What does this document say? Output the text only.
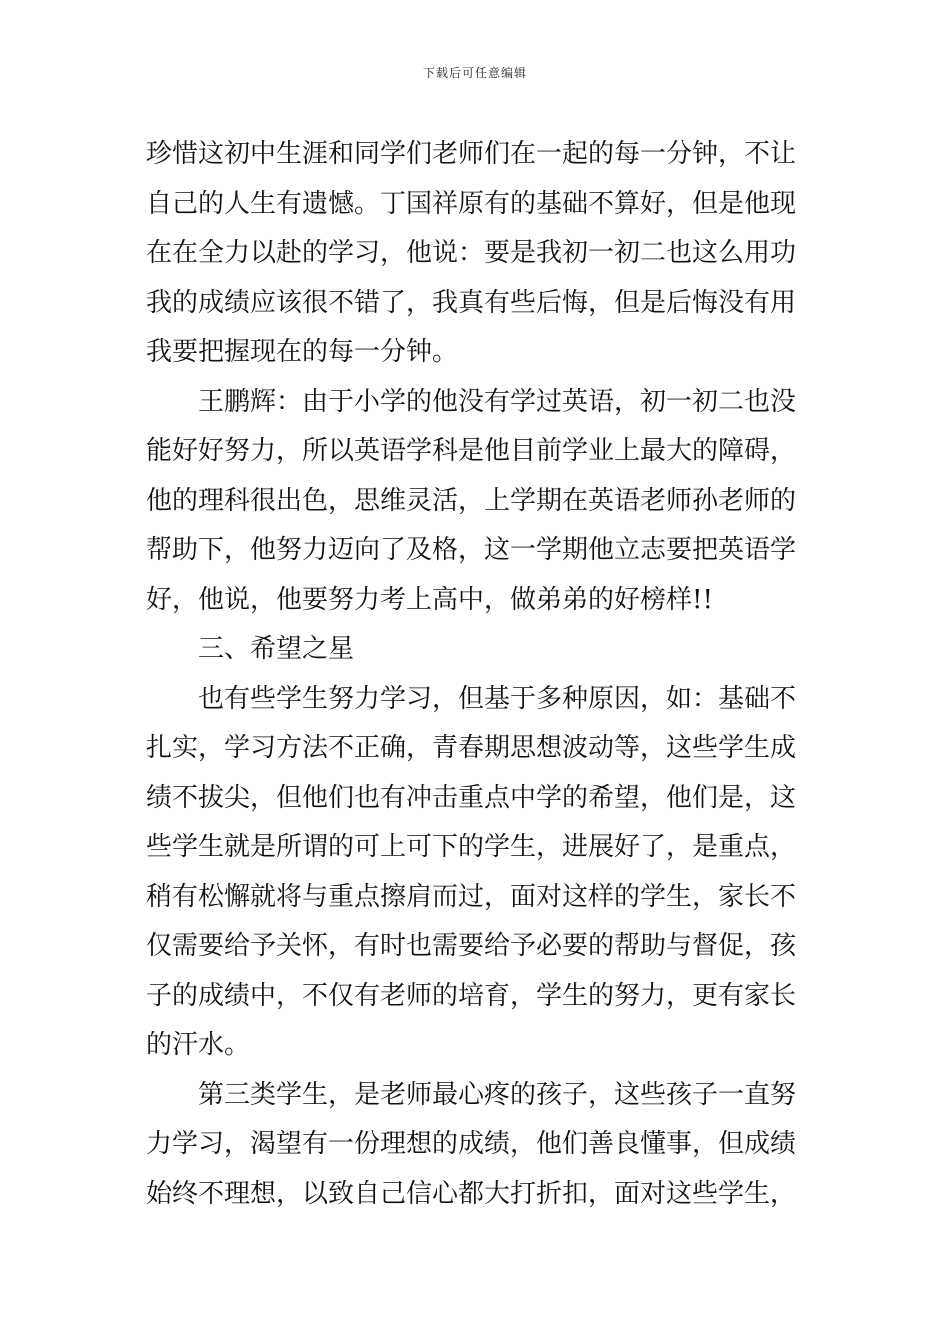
下载后可任意编辑
珍惜这初中生涯和同学们老师们在一起的每一分钟，不让
自己的人生有遗憾。丁国祥原有的基础不算好，但是他现
在在全力以赴的学习，他说：要是我初一初二也这么用功
我的成绩应该很不错了，我真有些后悔，但是后悔没有用
我要把握现在的每一分钟。
王鹏辉：由于小学的他没有学过英语，初一初二也没
能好好努力，所以英语学科是他目前学业上最大的障碍，
他的理科很出色，思维灵活，上学期在英语老师孙老师的
帮助下，他努力迈向了及格，这一学期他立志要把英语学
好，他说，他要努力考上高中，做弟弟的好榜样!!
三、希望之星
也有些学生努力学习，但基于多种原因，如：基础不
扎实，学习方法不正确，青春期思想波动等，这些学生成
绩不拔尖，但他们也有冲击重点中学的希望，他们是，这
些学生就是所谓的可上可下的学生，进展好了，是重点，
稍有松懈就将与重点擦肩而过，面对这样的学生，家长不
仅需要给予关怀，有时也需要给予必要的帮助与督促，孩
子的成绩中，不仅有老师的培育，学生的努力，更有家长
的汗水。
第三类学生，是老师最心疼的孩子，这些孩子一直努
力学习，渴望有一份理想的成绩，他们善良懂事，但成绩
始终不理想，以致自己信心都大打折扣，面对这些学生，
